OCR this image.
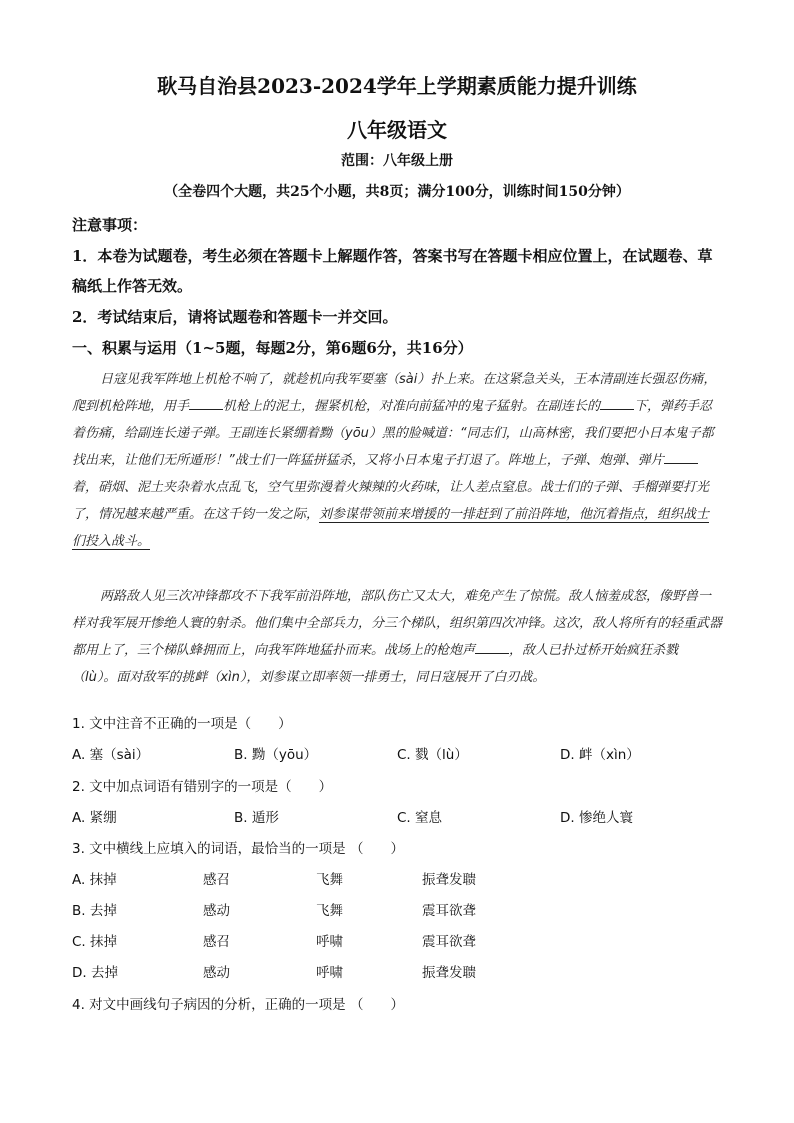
耿马自治县2023-2024学年上学期素质能力提升训练
八年级语文
范围：八年级上册
（全卷四个大题，共25个小题，共8页；满分100分，训练时间150分钟）
注意事项：
1．本卷为试题卷，考生必须在答题卡上解题作答，答案书写在答题卡相应位置上，在试题卷、草稿纸上作答无效。
2．考试结束后，请将试题卷和答题卡一并交回。
一、积累与运用（1~5题，每题2分，第6题6分，共16分）
日寇见我军阵地上机枪不响了，就趁机向我军要塞（sài）扑上来。在这紧急关头，王本清副连长强忍伤痛，爬到机枪阵地，用手	机枪上的泥土，握紧机枪，对准向前猛冲的鬼子猛射。在副连长的	下，弹药手忍着伤痛，给副连长递子弹。王副连长紧绷着黝（yōu）黑的脸喊道：“同志们，山高林密，我们要把小日本鬼子都找出来，让他们无所遁形！”战士们一阵猛拼猛杀，又将小日本鬼子打退了。阵地上，子弹、炮弹、弹片着，硝烟、泥土夹杂着水点乱飞，空气里弥漫着火辣辣的火药味，让人差点窒息。战士们的子弹、手榴弹要打光了，情况越来越严重。在这千钧一发之际，刘参谋带领前来增援的一排赶到了前沿阵地，他沉着指点，组织战士们投入战斗。
两路敌人见三次冲锋都攻不下我军前沿阵地，部队伤亡又太大，难免产生了惊慌。敌人恼羞成怒，像野兽一样对我军展开惨绝人寰的射杀。他们集中全部兵力，分三个梯队，组织第四次冲锋。这次，敌人将所有的轻重武器都用上了，三个梯队蜂拥而上，向我军阵地猛扑而来。战场上的枪炮声	，敌人已扑过桥开始疯狂杀戮（lù）。面对敌军的挑衅（xìn），刘参谋立即率领一排勇士，同日寇展开了白刃战。
1. 文中注音不正确的一项是（　　）
A. 塞（sài）	B. 黝（yōu）	C. 戮（lù）	D. 衅（xìn）
2. 文中加点词语有错别字的一项是（　　）
A. 紧绷	B. 遁形	C. 窒息	D. 惨绝人寰
3. 文中横线上应填入的词语，最恰当的一项是 （　　）
A. 抹掉	感召	飞舞	振聋发聩
B. 去掉	感动	飞舞	震耳欲聋
C. 抹掉	感召	呼啸	震耳欲聋
D. 去掉	感动	呼啸	振聋发聩
4. 对文中画线句子病因的分析，正确的一项是 （　　）
